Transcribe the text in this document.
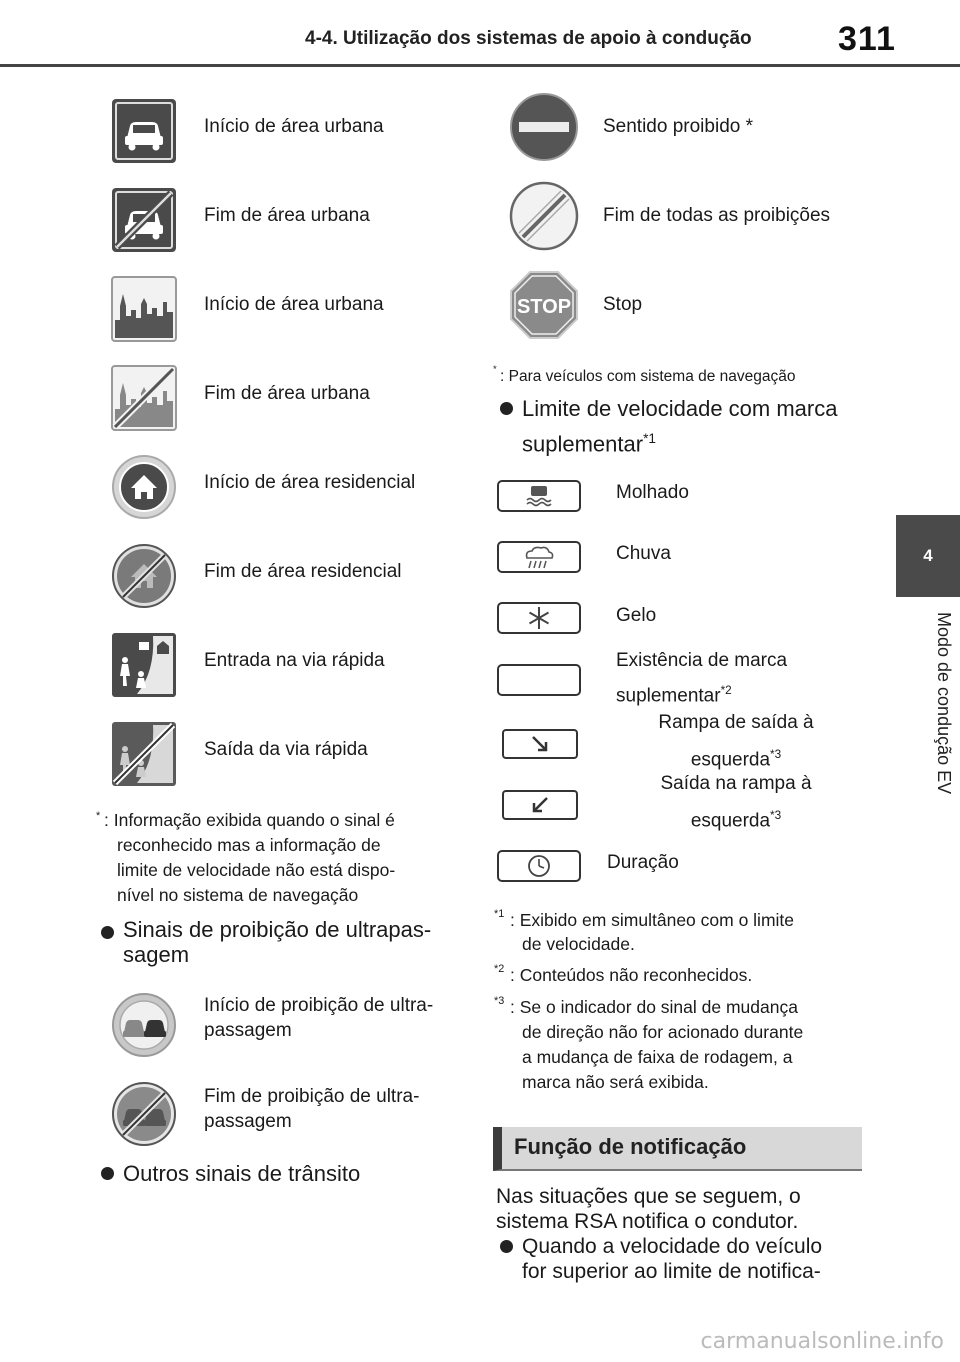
4-4. Utilização dos sistemas de apoio à condução	311
4
Modo de condução EV
Início de área urbana
Fim de área urbana
Início de área urbana
Fim de área urbana
Início de área residencial
Fim de área residencial
Entrada na via rápida
Saída da via rápida
* : Informação exibida quando o sinal é
reconhecido mas a informação de
limite de velocidade não está dispo-
nível no sistema de navegação
Sinais de proibição de ultrapas-
sagem
Início de proibição de ultra-
passagem
Fim de proibição de ultra-
passagem
Outros sinais de trânsito
Sentido proibido *
Fim de todas as proibições
STOP Stop
* : Para veículos com sistema de navegação
Limite de velocidade com marca
suplementar$^{*1}$
Molhado
Chuva
Gelo
Existência de marca
suplementar$^{*2}$
Rampa de saída à
esquerda$^{*3}$
Saída na rampa à
esquerda$^{*3}$
Duração
$^{*1}$ : Exibido em simultâneo com o limite
de velocidade.
$^{*2}$ : Conteúdos não reconhecidos.
$^{*3}$ : Se o indicador do sinal de mudança
de direção não for acionado durante
a mudança de faixa de rodagem, a
marca não será exibida.
Função de notificação
Nas situações que se seguem, o
sistema RSA notifica o condutor.
Quando a velocidade do veículo
for superior ao limite de notifica-
carmanualsonline.info
